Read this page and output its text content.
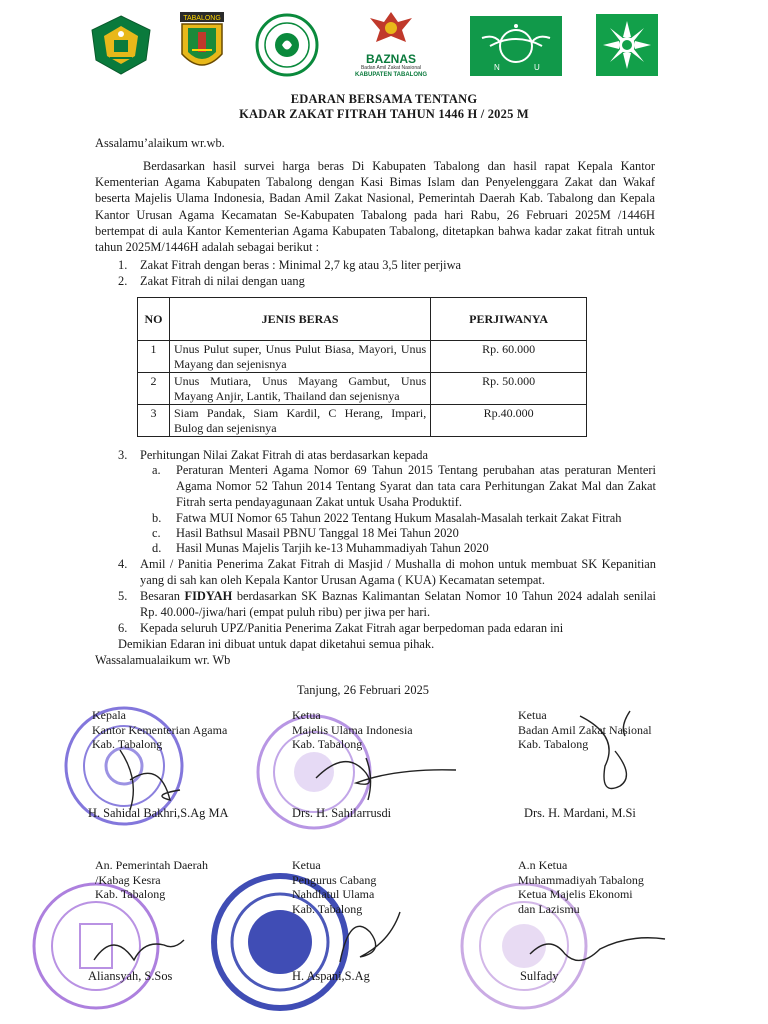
TABALONG
BAZNAS
Badan Amil Zakat Nasional
KABUPATEN TABALONG
N	U
EDARAN BERSAMA TENTANG
KADAR ZAKAT FITRAH TAHUN 1446 H / 2025 M
Assalamu’alaikum wr.wb.
Berdasarkan hasil survei harga beras Di Kabupaten Tabalong dan hasil rapat Kepala Kantor Kementerian Agama Kabupaten Tabalong dengan Kasi Bimas Islam dan Penyelenggara Zakat dan Wakaf beserta Majelis Ulama Indonesia, Badan Amil Zakat Nasional, Pemerintah Daerah Kab. Tabalong dan Kepala Kantor Urusan Agama Kecamatan Se-Kabupaten Tabalong pada hari Rabu, 26 Februari 2025M /1446H bertempat di aula Kantor Kementerian Agama Kabupaten Tabalong, ditetapkan bahwa kadar zakat fitrah untuk tahun 2025M/1446H adalah sebagai berikut :
1. Zakat Fitrah dengan beras : Minimal 2,7 kg atau 3,5 liter perjiwa
2. Zakat Fitrah di nilai dengan uang
NO	JENIS BERAS	PERJIWANYA
1	Unus Pulut super, Unus Pulut Biasa, Mayori, Unus Mayang dan sejenisnya	Rp. 60.000
2	Unus Mutiara, Unus Mayang Gambut, Unus Mayang Anjir, Lantik, Thailand dan sejenisnya	Rp. 50.000
3	Siam Pandak, Siam Kardil, C Herang, Impari, Bulog dan sejenisnya	Rp.40.000
3. Perhitungan Nilai Zakat Fitrah di atas berdasarkan kepada
a. Peraturan Menteri Agama Nomor 69 Tahun 2015 Tentang perubahan atas peraturan Menteri Agama Nomor 52 Tahun 2014 Tentang Syarat dan tata cara Perhitungan Zakat Mal dan Zakat Fitrah serta pendayagunaan Zakat untuk Usaha Produktif.
b. Fatwa MUI Nomor 65 Tahun 2022 Tentang Hukum Masalah-Masalah terkait Zakat Fitrah
c. Hasil Bathsul Masail PBNU Tanggal 18 Mei Tahun 2020
d. Hasil Munas Majelis Tarjih ke-13 Muhammadiyah Tahun 2020
4. Amil / Panitia Penerima Zakat Fitrah di Masjid / Mushalla di mohon untuk membuat SK Kepanitian yang di sah kan oleh Kepala Kantor Urusan Agama ( KUA) Kecamatan setempat.
5. Besaran FIDYAH berdasarkan SK Baznas Kalimantan Selatan Nomor 10 Tahun 2024 adalah senilai Rp. 40.000-/jiwa/hari (empat puluh ribu) per jiwa per hari.
6. Kepada seluruh UPZ/Panitia Penerima Zakat Fitrah agar berpedoman pada edaran ini
Demikian Edaran ini dibuat untuk dapat diketahui semua pihak.
Wassalamualaikum wr. Wb
Tanjung, 26 Februari 2025
Kepala
Kantor Kementerian Agama
Kab. Tabalong
H. Sahidal Bakhri,S.Ag MA
Ketua
Majelis Ulama Indonesia
Kab. Tabalong
Drs. H. Sahilarrusdi
Ketua
Badan Amil Zakat Nasional
Kab. Tabalong
Drs. H. Mardani, M.Si
An. Pemerintah Daerah
/Kabag Kesra
Kab. Tabalong
Aliansyah, S.Sos
Ketua
Pengurus Cabang
Nahdlatul Ulama
Kab. Tabalong
H. Aspani,S.Ag
A.n Ketua
Muhammadiyah Tabalong
Ketua Majelis Ekonomi
dan Lazismu
Sulfady
